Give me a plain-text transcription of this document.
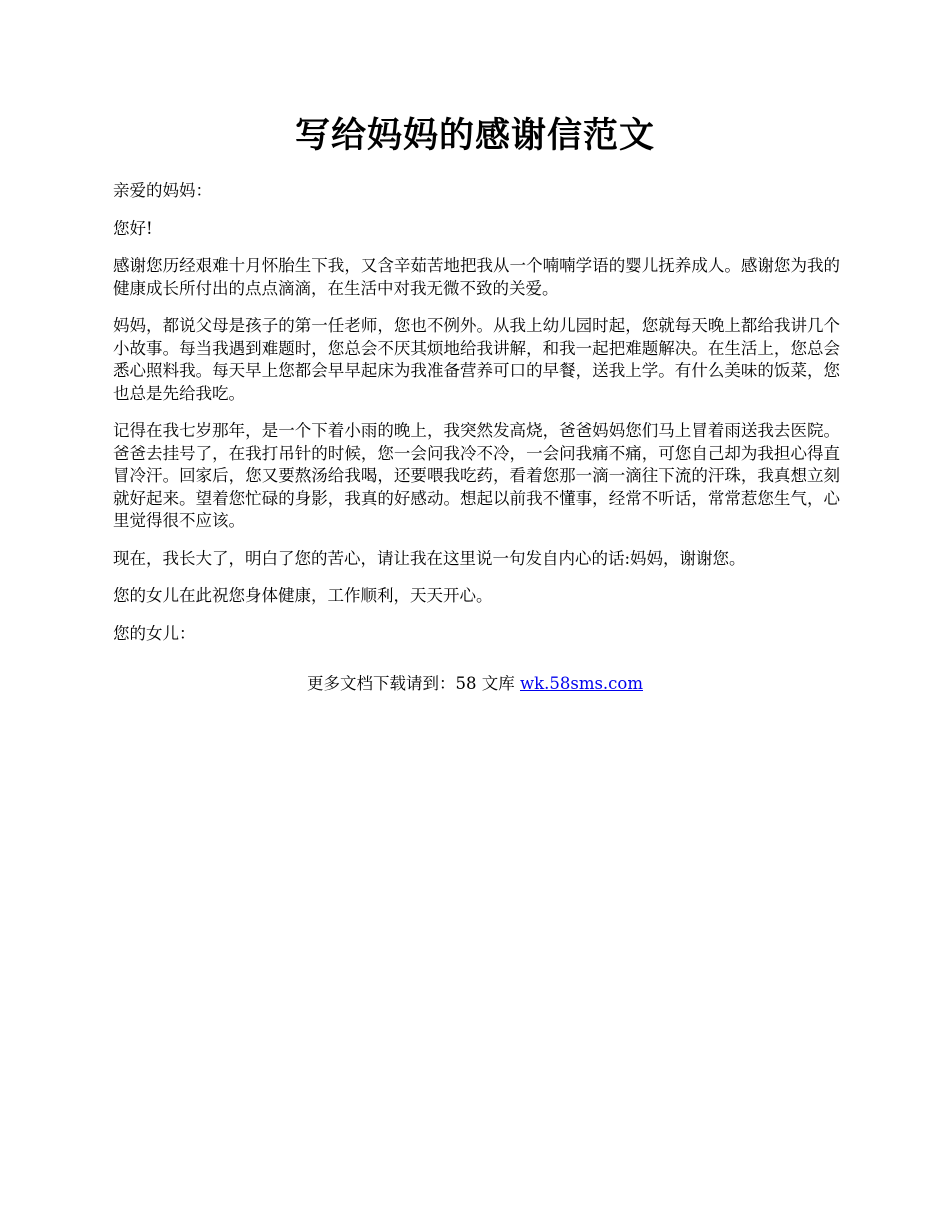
写给妈妈的感谢信范文

亲爱的妈妈：

您好!

感谢您历经艰难十月怀胎生下我，又含辛茹苦地把我从一个喃喃学语的婴儿抚养成人。感谢您为我的健康成长所付出的点点滴滴，在生活中对我无微不致的关爱。

妈妈，都说父母是孩子的第一任老师，您也不例外。从我上幼儿园时起，您就每天晚上都给我讲几个小故事。每当我遇到难题时，您总会不厌其烦地给我讲解，和我一起把难题解决。在生活上，您总会悉心照料我。每天早上您都会早早起床为我准备营养可口的早餐，送我上学。有什么美味的饭菜，您也总是先给我吃。

记得在我七岁那年，是一个下着小雨的晚上，我突然发高烧，爸爸妈妈您们马上冒着雨送我去医院。爸爸去挂号了，在我打吊针的时候，您一会问我冷不冷，一会问我痛不痛，可您自己却为我担心得直冒冷汗。回家后，您又要熬汤给我喝，还要喂我吃药，看着您那一滴一滴往下流的汗珠，我真想立刻就好起来。望着您忙碌的身影，我真的好感动。想起以前我不懂事，经常不听话，常常惹您生气，心里觉得很不应该。

现在，我长大了，明白了您的苦心，请让我在这里说一句发自内心的话:妈妈，谢谢您。

您的女儿在此祝您身体健康，工作顺利，天天开心。

您的女儿：

更多文档下载请到：58 文库 wk.58sms.com
